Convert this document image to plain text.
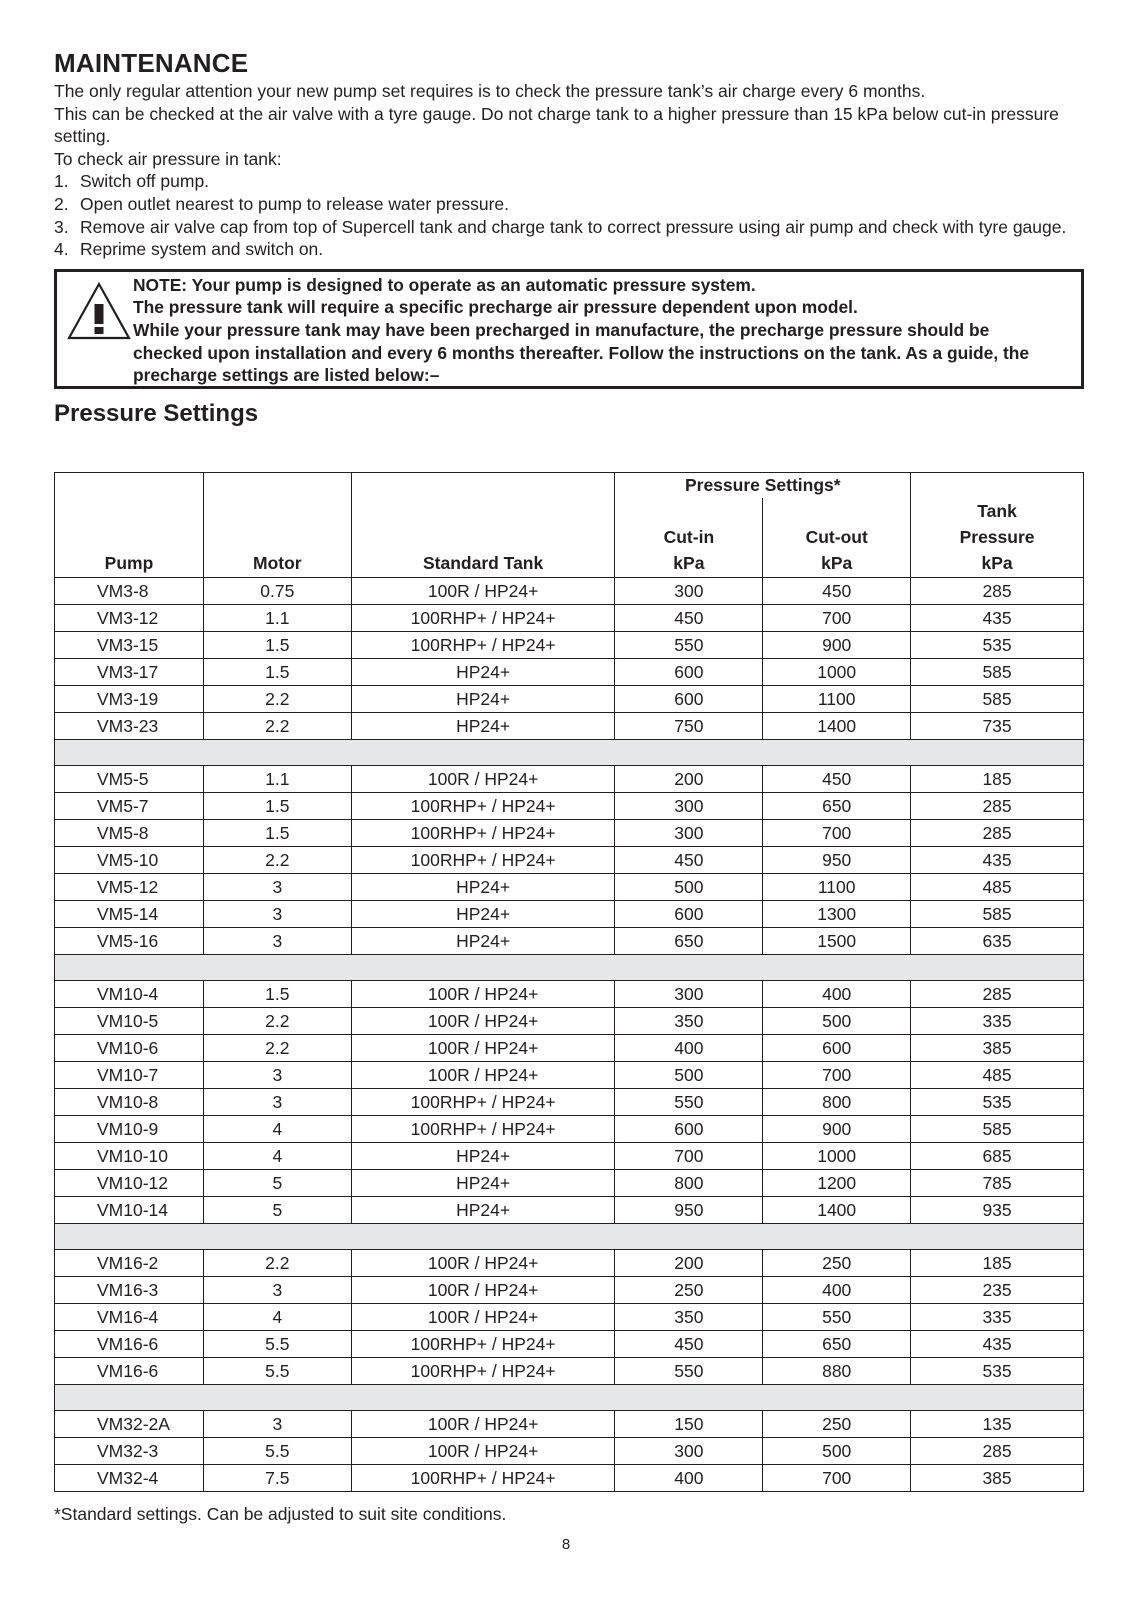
MAINTENANCE

The only regular attention your new pump set requires is to check the pressure tank’s air charge every 6 months.

This can be checked at the air valve with a tyre gauge. Do not charge tank to a higher pressure than 15 kPa below cut-in pressure setting.

To check air pressure in tank:

1. Switch off pump.
2. Open outlet nearest to pump to release water pressure.
3. Remove air valve cap from top of Supercell tank and charge tank to correct pressure using air pump and check with tyre gauge.
4. Reprime system and switch on.
NOTE: Your pump is designed to operate as an automatic pressure system.
The pressure tank will require a specific precharge air pressure dependent upon model.
While your pressure tank may have been precharged in manufacture, the precharge pressure should be checked upon installation and every 6 months thereafter. Follow the instructions on the tank. As a guide, the precharge settings are listed below:–
Pressure Settings
			Pressure Settings*		
					Tank
			Cut-in	Cut-out	Pressure
Pump	Motor	Standard Tank	kPa	kPa	kPa
VM3-8	0.75	100R / HP24+	300	450	285
VM3-12	1.1	100RHP+ / HP24+	450	700	435
VM3-15	1.5	100RHP+ / HP24+	550	900	535
VM3-17	1.5	HP24+	600	1000	585
VM3-19	2.2	HP24+	600	1100	585
VM3-23	2.2	HP24+	750	1400	735

VM5-5	1.1	100R / HP24+	200	450	185
VM5-7	1.5	100RHP+ / HP24+	300	650	285
VM5-8	1.5	100RHP+ / HP24+	300	700	285
VM5-10	2.2	100RHP+ / HP24+	450	950	435
VM5-12	3	HP24+	500	1100	485
VM5-14	3	HP24+	600	1300	585
VM5-16	3	HP24+	650	1500	635

VM10-4	1.5	100R / HP24+	300	400	285
VM10-5	2.2	100R / HP24+	350	500	335
VM10-6	2.2	100R / HP24+	400	600	385
VM10-7	3	100R / HP24+	500	700	485
VM10-8	3	100RHP+ / HP24+	550	800	535
VM10-9	4	100RHP+ / HP24+	600	900	585
VM10-10	4	HP24+	700	1000	685
VM10-12	5	HP24+	800	1200	785
VM10-14	5	HP24+	950	1400	935

VM16-2	2.2	100R / HP24+	200	250	185
VM16-3	3	100R / HP24+	250	400	235
VM16-4	4	100R / HP24+	350	550	335
VM16-6	5.5	100RHP+ / HP24+	450	650	435
VM16-6	5.5	100RHP+ / HP24+	550	880	535

VM32-2A	3	100R / HP24+	150	250	135
VM32-3	5.5	100R / HP24+	300	500	285
VM32-4	7.5	100RHP+ / HP24+	400	700	385
*Standard settings. Can be adjusted to suit site conditions.
8
